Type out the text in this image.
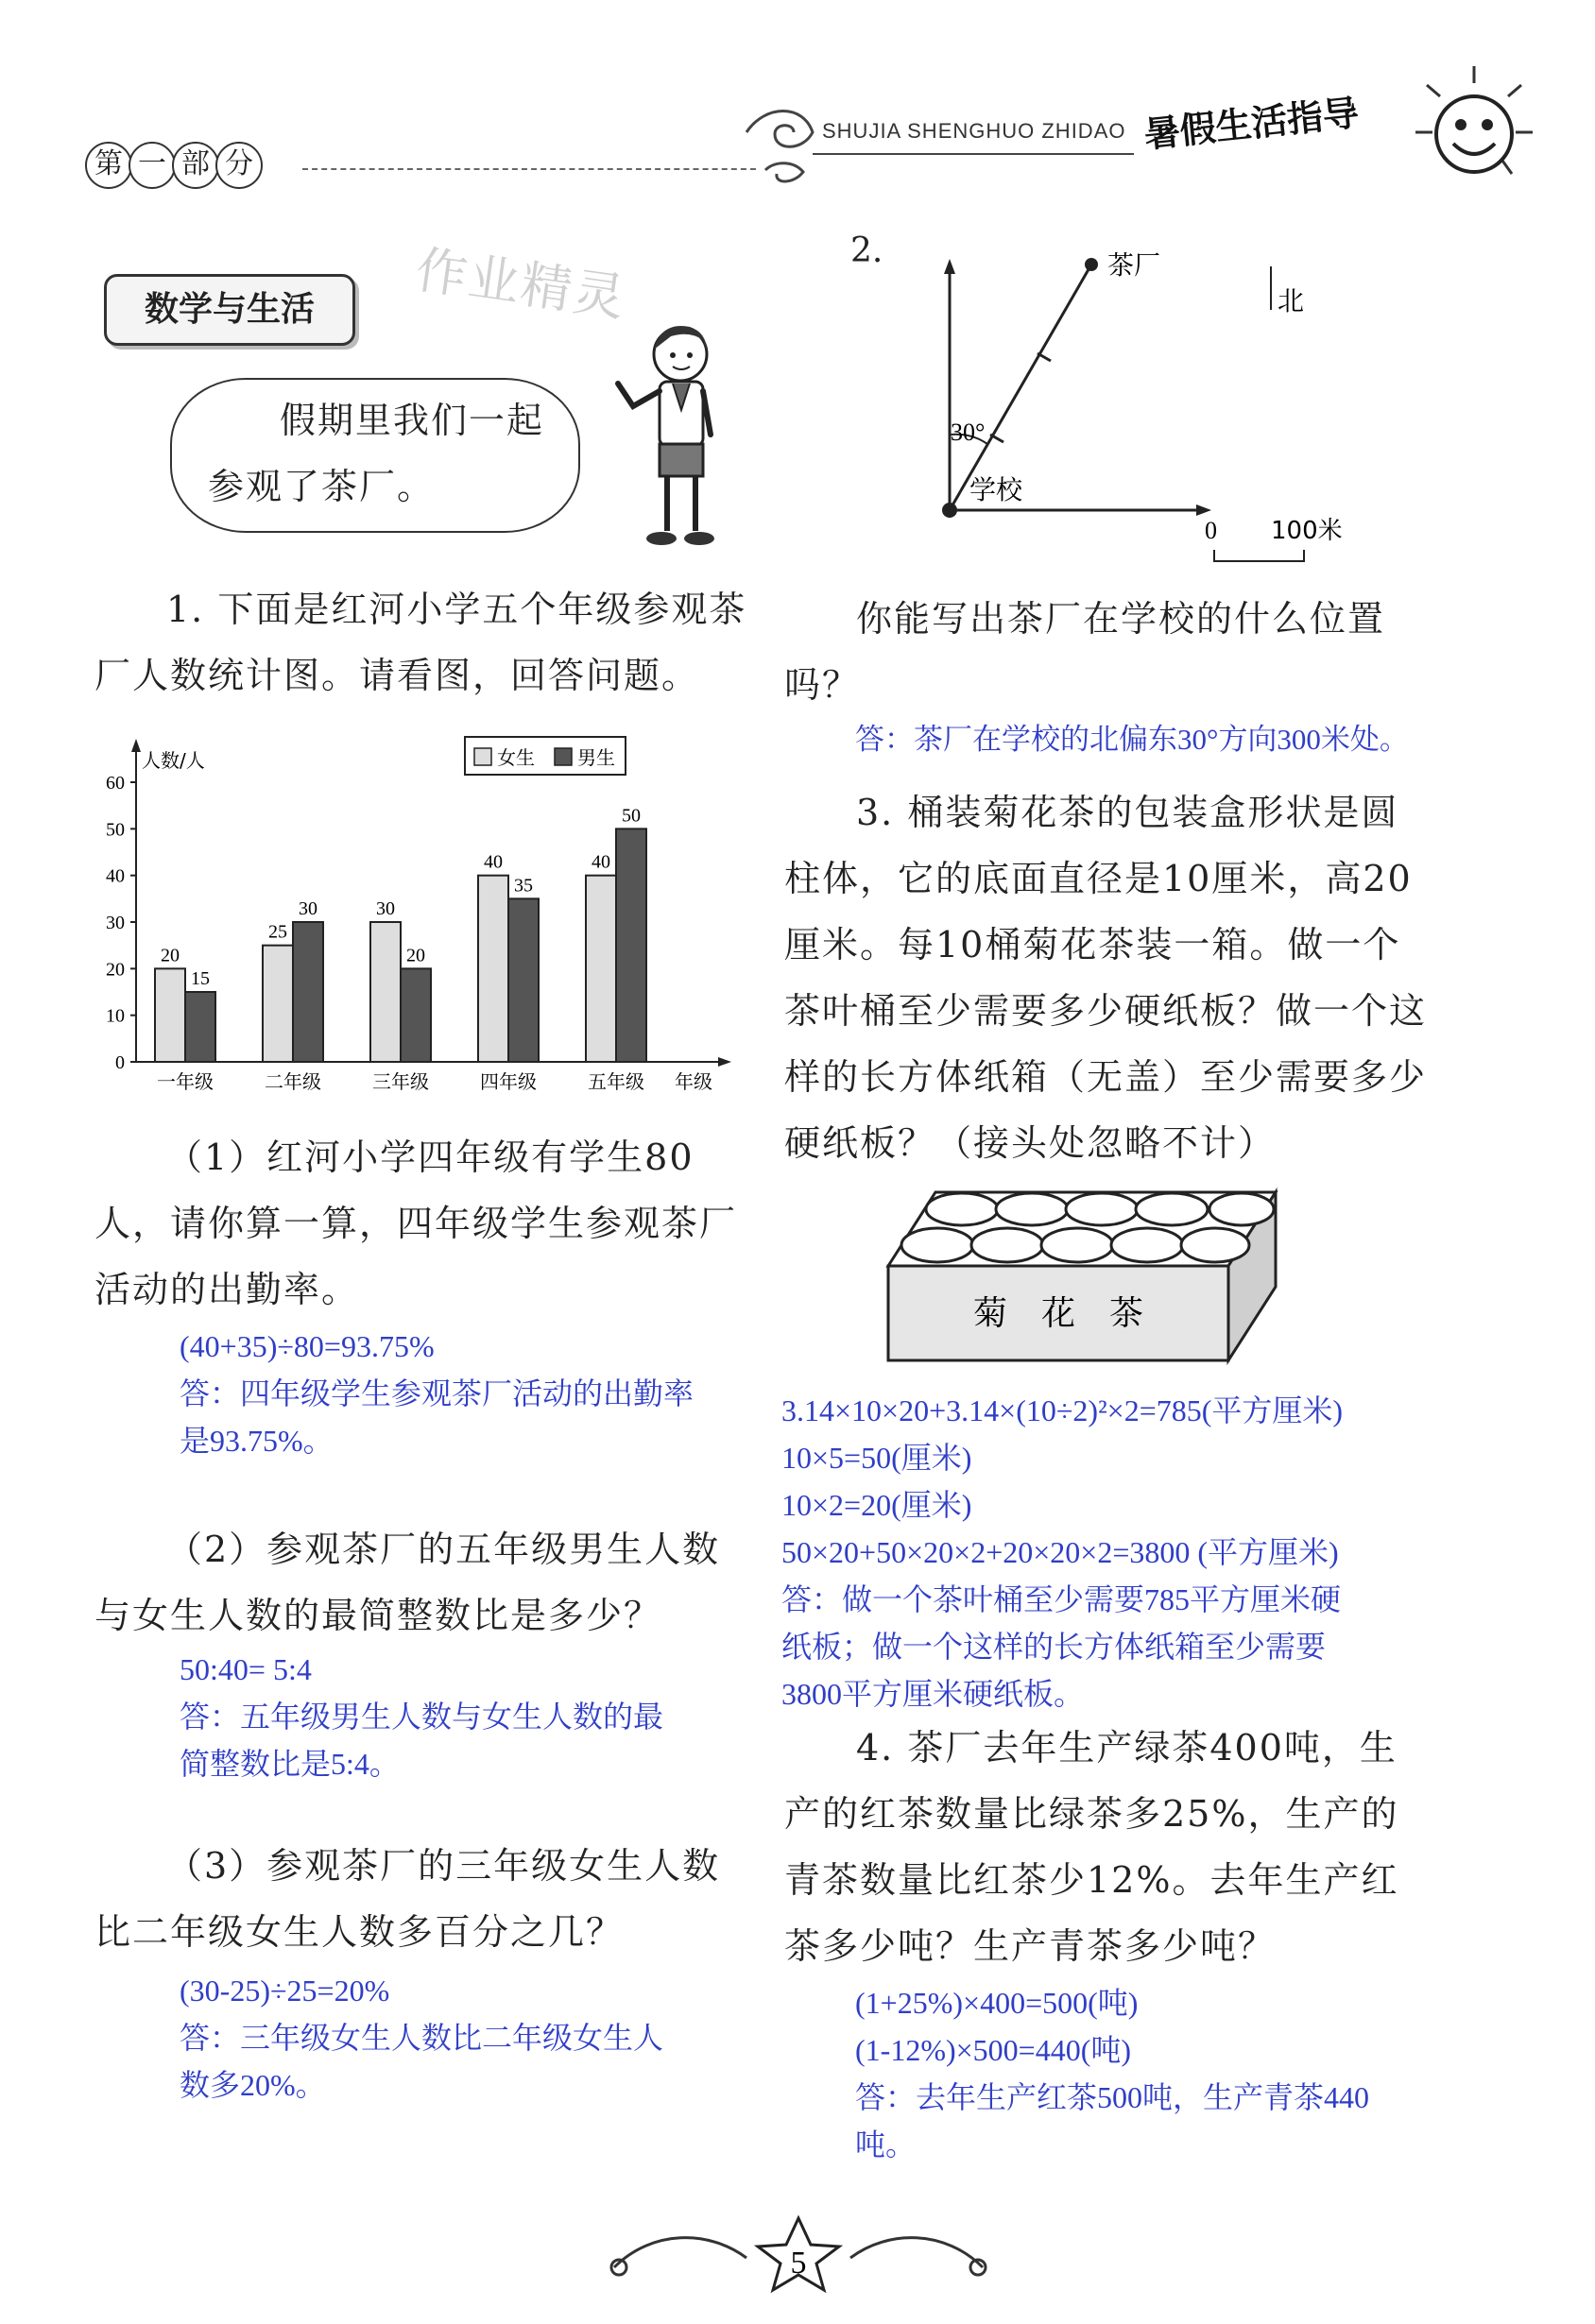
第 一 部 分
SHUJIA SHENGHUO ZHIDAO 暑假生活指导
数学与生活	作业精灵
假期里我们一起参观了茶厂。
1. 下面是红河小学五个年级参观茶厂人数统计图。请看图，回答问题。
人数/人
年级
0
10
20
30
40
50
60
20
15
一年级
25
30
二年级
30
20
三年级
40
35
四年级
40
50
五年级
女生 男生
（1）红河小学四年级有学生80人，请你算一算，四年级学生参观茶厂活动的出勤率。
(40+35)÷80=93.75%
答：四年级学生参观茶厂活动的出勤率
是93.75%。
（2）参观茶厂的五年级男生人数与女生人数的最简整数比是多少？
50:40= 5:4
答：五年级男生人数与女生人数的最
简整数比是5:4。
（3）参观茶厂的三年级女生人数比二年级女生人数多百分之几？
(30-25)÷25=20%
答：三年级女生人数比二年级女生人
数多20%。
2.	茶厂
学校
30°
北
0 100米
你能写出茶厂在学校的什么位置吗？
答：茶厂在学校的北偏东30°方向300米处。
3. 桶装菊花茶的包装盒形状是圆柱体，它的底面直径是10厘米，高20厘米。每10桶菊花茶装一箱。做一个茶叶桶至少需要多少硬纸板？做一个这样的长方体纸箱（无盖）至少需要多少硬纸板？（接头处忽略不计）
菊　花　茶
3.14×10×20+3.14×(10÷2)²×2=785(平方厘米)
10×5=50(厘米)
10×2=20(厘米)
50×20+50×20×2+20×20×2=3800 (平方厘米)
答：做一个茶叶桶至少需要785平方厘米硬
纸板；做一个这样的长方体纸箱至少需要
3800平方厘米硬纸板。
4. 茶厂去年生产绿茶400吨，生产的红茶数量比绿茶多25%，生产的青茶数量比红茶少12%。去年生产红茶多少吨？生产青茶多少吨？
(1+25%)×400=500(吨)
(1-12%)×500=440(吨)
答：去年生产红茶500吨，生产青茶440
吨。
5
